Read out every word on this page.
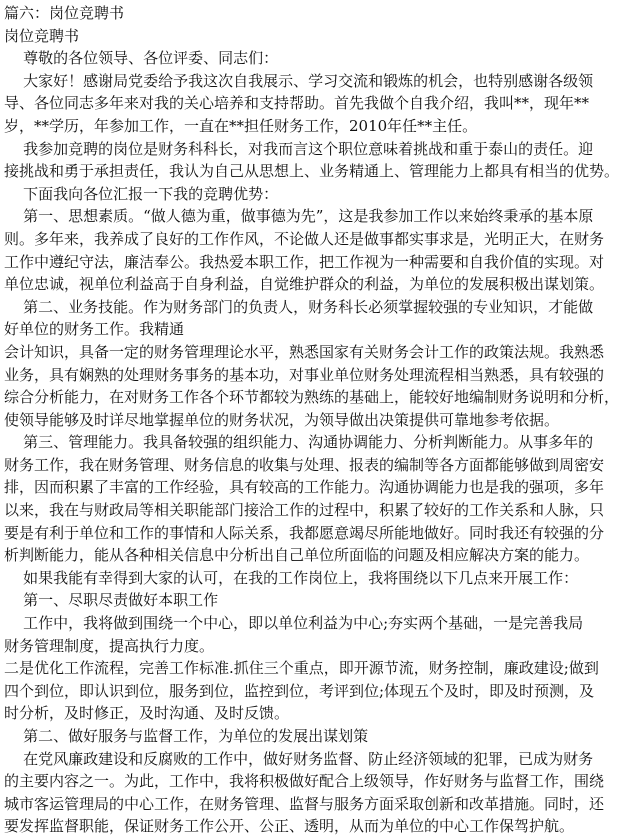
篇六：岗位竞聘书
岗位竞聘书
尊敬的各位领导、各位评委、同志们：
大家好！感谢局党委给予我这次自我展示、学习交流和锻炼的机会，也特别感谢各级领
导、各位同志多年来对我的关心培养和支持帮助。首先我做个自我介绍，我叫**，现年**
岁，**学历，年参加工作，一直在**担任财务工作，2010年任**主任。
我参加竞聘的岗位是财务科科长，对我而言这个职位意味着挑战和重于泰山的责任。迎
接挑战和勇于承担责任，我认为自己从思想上、业务精通上、管理能力上都具有相当的优势。
下面我向各位汇报一下我的竞聘优势：
第一、思想素质。“做人德为重，做事德为先”，这是我参加工作以来始终秉承的基本原
则。多年来，我养成了良好的工作作风，不论做人还是做事都实事求是，光明正大，在财务
工作中遵纪守法，廉洁奉公。我热爱本职工作，把工作视为一种需要和自我价值的实现。对
单位忠诚，视单位利益高于自身利益，自觉维护群众的利益，为单位的发展积极出谋划策。
第二、业务技能。作为财务部门的负责人，财务科长必须掌握较强的专业知识，才能做
好单位的财务工作。我精通
会计知识，具备一定的财务管理理论水平，熟悉国家有关财务会计工作的政策法规。我熟悉
业务，具有娴熟的处理财务事务的基本功，对事业单位财务处理流程相当熟悉，具有较强的
综合分析能力，在对财务工作各个环节都较为熟练的基础上，能较好地编制财务说明和分析，
使领导能够及时详尽地掌握单位的财务状况，为领导做出决策提供可靠地参考依据。
第三、管理能力。我具备较强的组织能力、沟通协调能力、分析判断能力。从事多年的
财务工作，我在财务管理、财务信息的收集与处理、报表的编制等各方面都能够做到周密安
排，因而积累了丰富的工作经验，具有较高的工作能力。沟通协调能力也是我的强项，多年
以来，我在与财政局等相关职能部门接洽工作的过程中，积累了较好的工作关系和人脉，只
要是有利于单位和工作的事情和人际关系，我都愿意竭尽所能地做好。同时我还有较强的分
析判断能力，能从各种相关信息中分析出自己单位所面临的问题及相应解决方案的能力。
如果我能有幸得到大家的认可，在我的工作岗位上，我将围绕以下几点来开展工作：
第一、尽职尽责做好本职工作
工作中，我将做到围绕一个中心，即以单位利益为中心;夯实两个基础，一是完善我局
财务管理制度，提高执行力度。
二是优化工作流程，完善工作标准.抓住三个重点，即开源节流，财务控制，廉政建设;做到
四个到位，即认识到位，服务到位，监控到位，考评到位;体现五个及时，即及时预测，及
时分析，及时修正，及时沟通、及时反馈。
第二、做好服务与监督工作，为单位的发展出谋划策
在党风廉政建设和反腐败的工作中，做好财务监督、防止经济领域的犯罪，已成为财务
的主要内容之一。为此，工作中，我将积极做好配合上级领导，作好财务与监督工作，围绕
城市客运管理局的中心工作，在财务管理、监督与服务方面采取创新和改革措施。同时，还
要发挥监督职能，保证财务工作公开、公正、透明，从而为单位的中心工作保驾护航。
